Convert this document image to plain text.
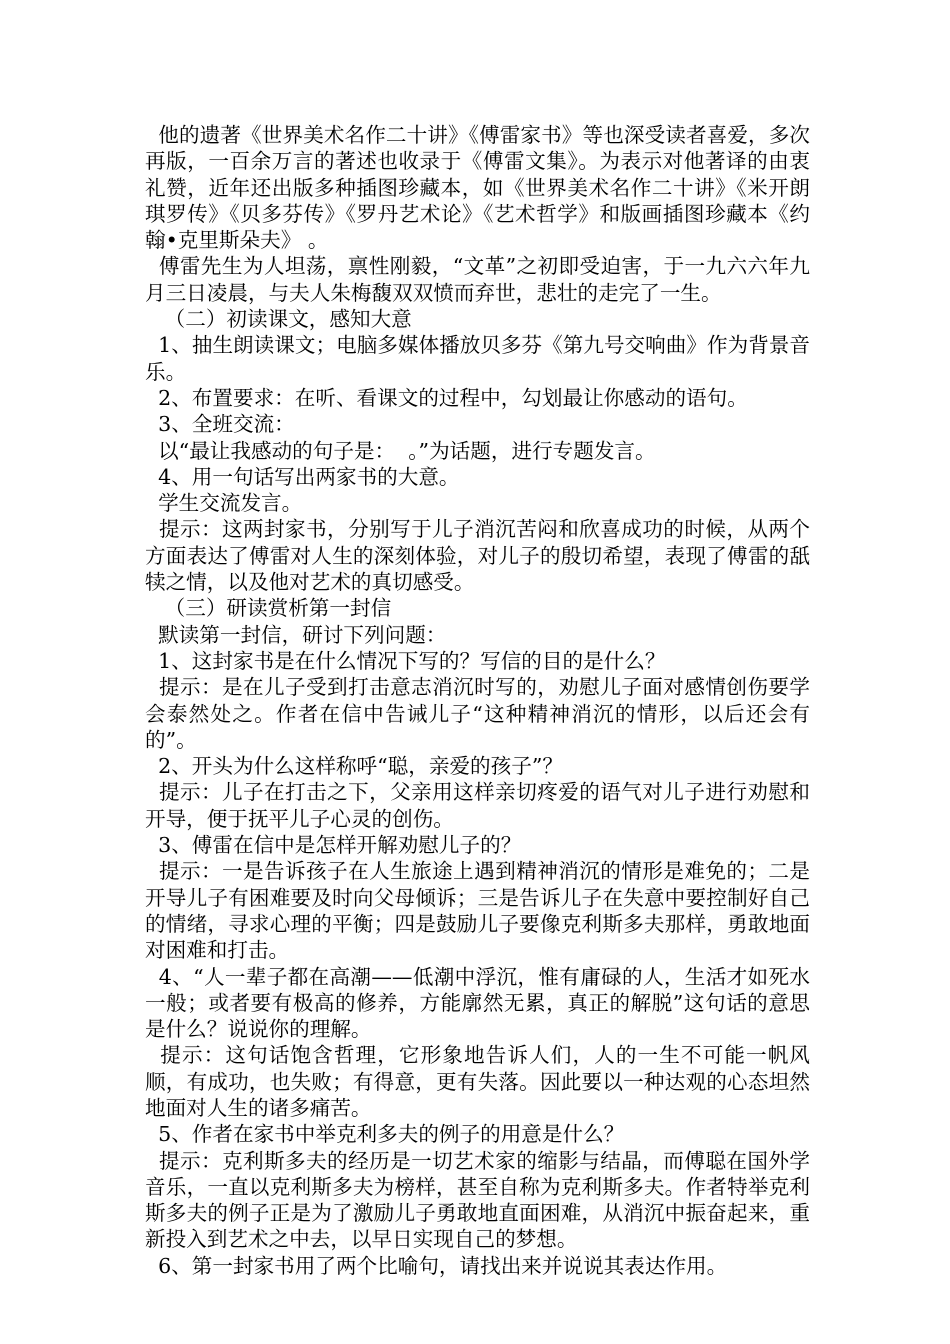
他的遗著《世界美术名作二十讲》《傅雷家书》等也深受读者喜爱，多次再版，一百余万言的著述也收录于《傅雷文集》。为表示对他著译的由衷礼赞，近年还出版多种插图珍藏本，如《世界美术名作二十讲》《米开朗琪罗传》《贝多芬传》《罗丹艺术论》《艺术哲学》和版画插图珍藏本《约翰•克里斯朵夫》 。

傅雷先生为人坦荡，禀性刚毅，“文革”之初即受迫害，于一九六六年九月三日凌晨，与夫人朱梅馥双双愤而弃世，悲壮的走完了一生。

（二）初读课文，感知大意

1、抽生朗读课文；电脑多媒体播放贝多芬《第九号交响曲》作为背景音乐。

2、布置要求：在听、看课文的过程中，勾划最让你感动的语句。

3、全班交流：

以“最让我感动的句子是：  。”为话题，进行专题发言。

4、用一句话写出两家书的大意。

学生交流发言。

提示：这两封家书，分别写于儿子消沉苦闷和欣喜成功的时候，从两个方面表达了傅雷对人生的深刻体验，对儿子的殷切希望，表现了傅雷的舐犊之情，以及他对艺术的真切感受。

（三）研读赏析第一封信

默读第一封信，研讨下列问题：

1、这封家书是在什么情况下写的？写信的目的是什么？

提示：是在儿子受到打击意志消沉时写的，劝慰儿子面对感情创伤要学会泰然处之。作者在信中告诫儿子“这种精神消沉的情形，以后还会有的”。

2、开头为什么这样称呼“聪，亲爱的孩子”？

提示：儿子在打击之下，父亲用这样亲切疼爱的语气对儿子进行劝慰和开导，便于抚平儿子心灵的创伤。

3、傅雷在信中是怎样开解劝慰儿子的？

提示：一是告诉孩子在人生旅途上遇到精神消沉的情形是难免的；二是开导儿子有困难要及时向父母倾诉；三是告诉儿子在失意中要控制好自己的情绪，寻求心理的平衡；四是鼓励儿子要像克利斯多夫那样，勇敢地面对困难和打击。

4、“人一辈子都在高潮——低潮中浮沉，惟有庸碌的人，生活才如死水一般；或者要有极高的修养，方能廓然无累，真正的解脱”这句话的意思是什么？说说你的理解。

提示：这句话饱含哲理，它形象地告诉人们，人的一生不可能一帆风顺，有成功，也失败；有得意，更有失落。因此要以一种达观的心态坦然地面对人生的诸多痛苦。

5、作者在家书中举克利多夫的例子的用意是什么？

提示：克利斯多夫的经历是一切艺术家的缩影与结晶，而傅聪在国外学音乐，一直以克利斯多夫为榜样，甚至自称为克利斯多夫。作者特举克利斯多夫的例子正是为了激励儿子勇敢地直面困难，从消沉中振奋起来，重新投入到艺术之中去，以早日实现自己的梦想。

6、第一封家书用了两个比喻句，请找出来并说说其表达作用。
